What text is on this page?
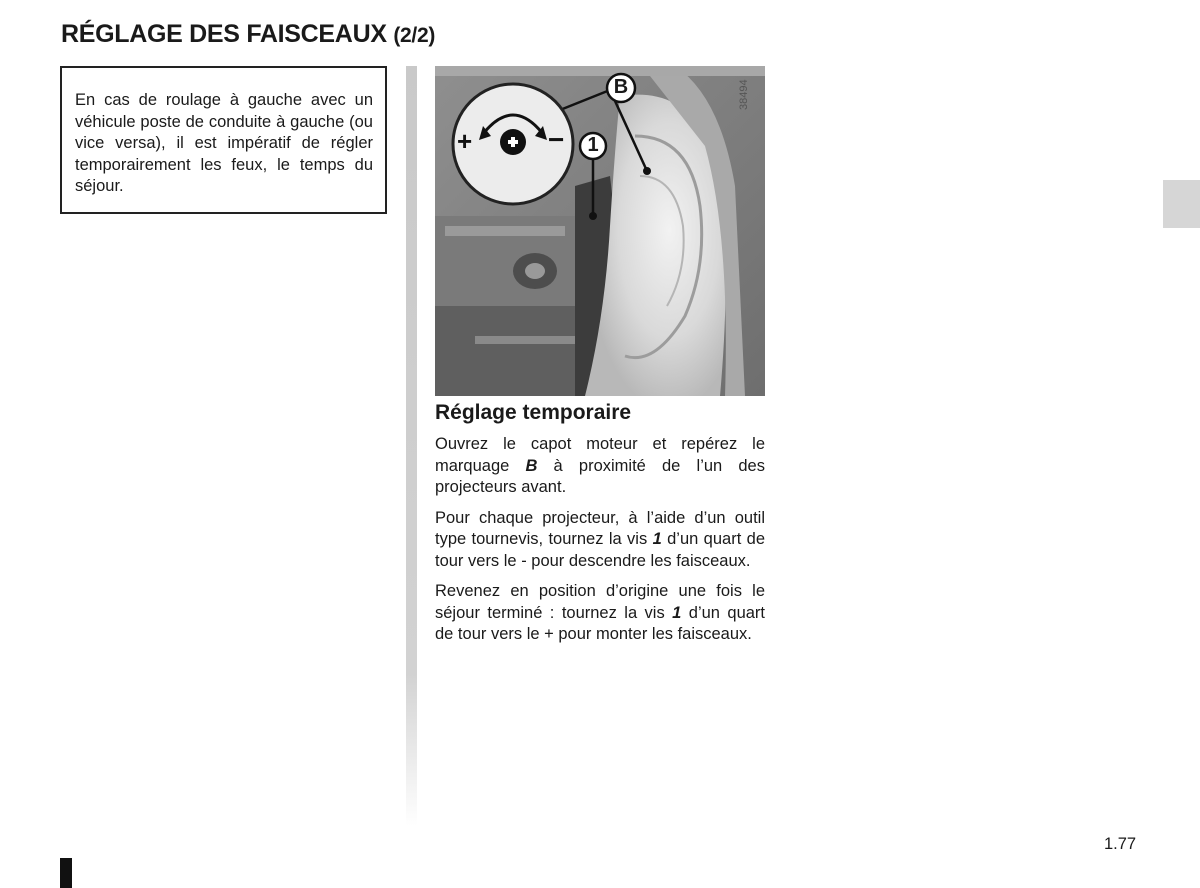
RÉGLAGE DES FAISCEAUX (2/2)
En cas de roulage à gauche avec un véhicule poste de conduite à gauche (ou vice versa), il est impératif de régler temporairement les feux, le temps du séjour.
+	−
B
1
38494
Réglage temporaire

Ouvrez le capot moteur et repérez le marquage B à proximité de l’un des projecteurs avant.

Pour chaque projecteur, à l’aide d’un outil type tournevis, tournez la vis 1 d’un quart de tour vers le - pour descendre les faisceaux.

Revenez en position d’origine une fois le séjour terminé : tournez la vis 1 d’un quart de tour vers le + pour monter les faisceaux.

1.77
